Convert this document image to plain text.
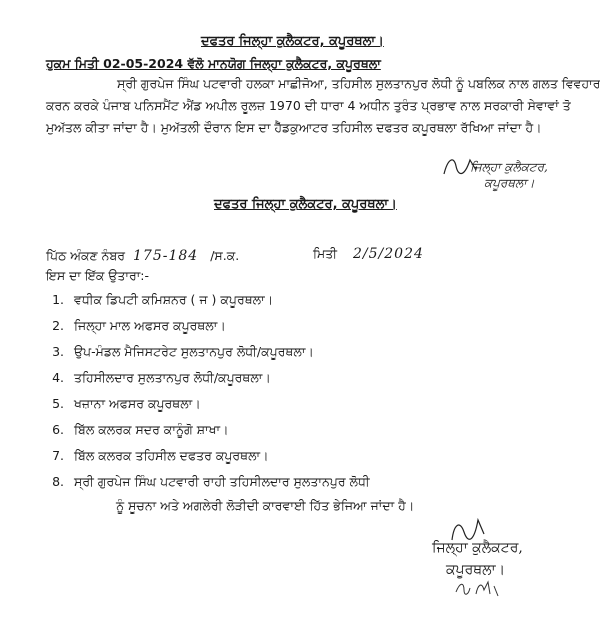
ਦਫਤਰ ਜਿਲ੍ਹਾ ਕੁਲੈਕਟਰ, ਕਪੂਰਥਲਾ।
ਹੁਕਮ ਮਿਤੀ 02-05-2024 ਵੱਲੋ ਮਾਨਯੋਗ ਜਿਲ੍ਹਾ ਕੁਲੈਕਟਰ, ਕਪੂਰਥਲਾ
ਸ੍ਰੀ ਗੁਰਪੇਜ ਸਿੰਘ ਪਟਵਾਰੀ ਹਲਕਾ ਮਾਛੀਜੋਆ, ਤਹਿਸੀਲ ਸੁਲਤਾਨਪੁਰ ਲੋਧੀ ਨੂੰ ਪਬਲਿਕ ਨਾਲ ਗਲਤ ਵਿਵਹਾਰ
ਕਰਨ ਕਰਕੇ ਪੰਜਾਬ ਪਨਿਸਮੈਂਟ ਐਂਡ ਅਪੀਲ ਰੂਲਜ਼ 1970 ਦੀ ਧਾਰਾ 4 ਅਧੀਨ ਤੁਰੰਤ ਪ੍ਰਭਾਵ ਨਾਲ ਸਰਕਾਰੀ ਸੇਵਾਵਾਂ ਤੋ
ਮੁਅੱਤਲ ਕੀਤਾ ਜਾਂਦਾ ਹੈ। ਮੁਅੱਤਲੀ ਦੌਰਾਨ ਇਸ ਦਾ ਹੈੱਡਕੁਆਟਰ ਤਹਿਸੀਲ ਦਫਤਰ ਕਪੂਰਥਲਾ ਰੱਖਿਆ ਜਾਂਦਾ ਹੈ।
ਜਿਲ੍ਹਾ ਕੁਲੈਕਟਰ,
ਕਪੂਰਥਲਾ।
ਦਫਤਰ ਜਿਲ੍ਹਾ ਕੁਲੈਕਟਰ, ਕਪੂਰਥਲਾ।
ਪਿੱਠ ਅੰਕਣ ਨੰਬਰ 175-184 /ਸ.ਕ.	ਮਿਤੀ 2/5/2024
ਇਸ ਦਾ ਇੱਕ ਉਤਾਰਾ:-
1. ਵਧੀਕ ਡਿਪਟੀ ਕਮਿਸ਼ਨਰ ( ਜ ) ਕਪੂਰਥਲਾ।
2. ਜਿਲ੍ਹਾ ਮਾਲ ਅਫਸਰ ਕਪੂਰਥਲਾ।
3. ਉਪ-ਮੰਡਲ ਮੈਜਿਸਟਰੇਟ ਸੁਲਤਾਨਪੁਰ ਲੋਧੀ/ਕਪੂਰਥਲਾ।
4. ਤਹਿਸੀਲਦਾਰ ਸੁਲਤਾਨਪੁਰ ਲੋਧੀ/ਕਪੂਰਥਲਾ।
5. ਖਜ਼ਾਨਾ ਅਫਸਰ ਕਪੂਰਥਲਾ।
6. ਬਿੱਲ ਕਲਰਕ ਸਦਰ ਕਾਨੂੰਗੋ ਸ਼ਾਖਾ।
7. ਬਿੱਲ ਕਲਰਕ ਤਹਿਸੀਲ ਦਫਤਰ ਕਪੂਰਥਲਾ।
8. ਸ੍ਰੀ ਗੁਰਪੇਜ ਸਿੰਘ ਪਟਵਾਰੀ ਰਾਹੀ ਤਹਿਸੀਲਦਾਰ ਸੁਲਤਾਨਪੁਰ ਲੋਧੀ
ਨੂੰ ਸੂਚਨਾ ਅਤੇ ਅਗਲੇਰੀ ਲੋੜੀਦੀ ਕਾਰਵਾਈ ਹਿੱਤ ਭੇਜਿਆ ਜਾਂਦਾ ਹੈ।
ਜਿਲ੍ਹਾ ਕੁਲੈਕਟਰ,
ਕਪੂਰਥਲਾ।
